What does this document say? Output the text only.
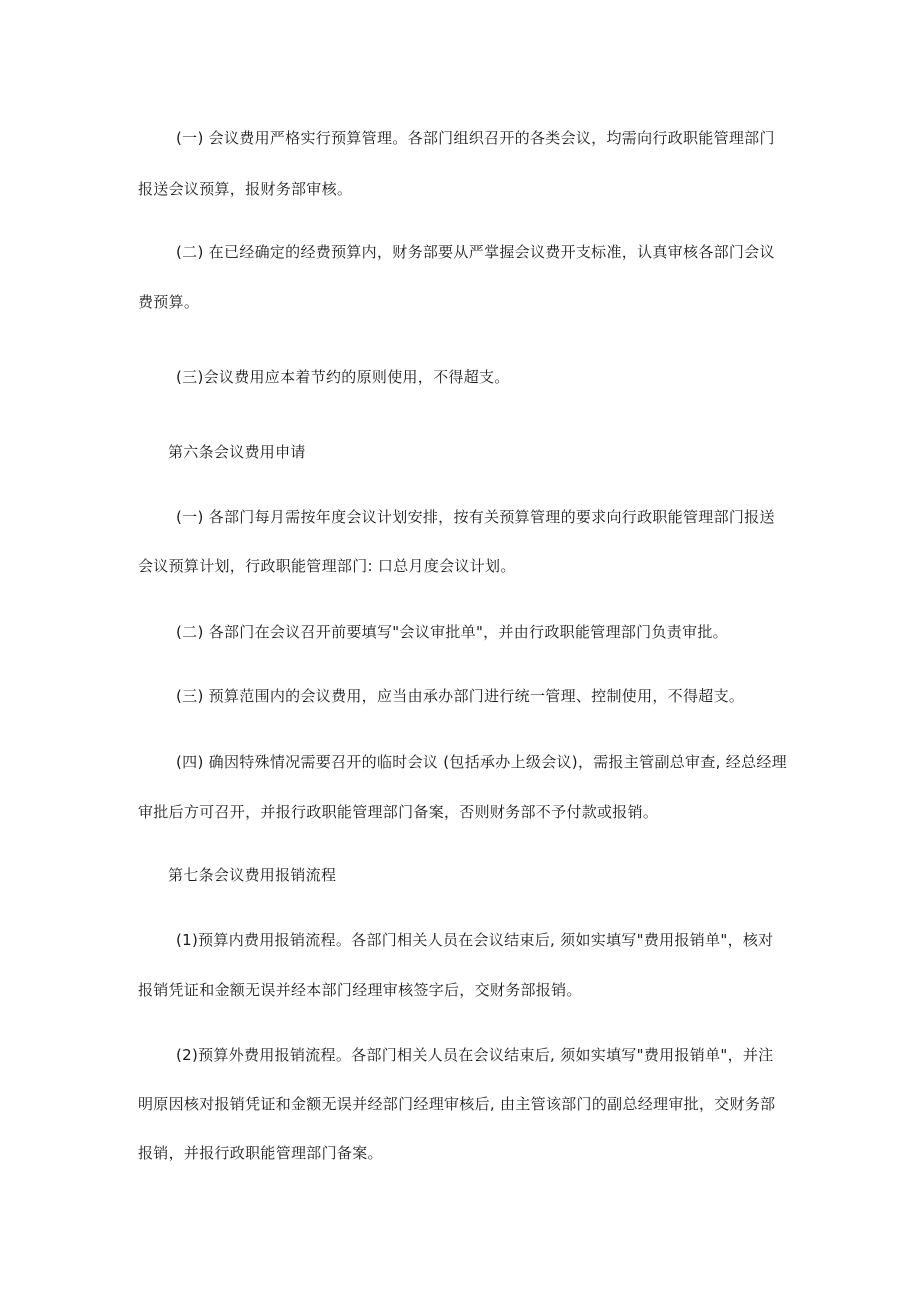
(一) 会议费用严格实行预算管理。各部门组织召开的各类会议，均需向行政职能管理部门
报送会议预算，报财务部审核。
(二) 在已经确定的经费预算内，财务部要从严掌握会议费开支标准，认真审核各部门会议
费预算。
(三)会议费用应本着节约的原则使用，不得超支。
第六条会议费用申请
(一) 各部门每月需按年度会议计划安排，按有关预算管理的要求向行政职能管理部门报送
会议预算计划，行政职能管理部门: 口总月度会议计划。
(二) 各部门在会议召开前要填写"会议审批单"，并由行政职能管理部门负责审批。
(三) 预算范围内的会议费用，应当由承办部门进行统一管理、控制使用，不得超支。
(四) 确因特殊情况需要召开的临时会议 (包括承办上级会议)，需报主管副总审查, 经总经理
审批后方可召开，并报行政职能管理部门备案，否则财务部不予付款或报销。
第七条会议费用报销流程
(1)预算内费用报销流程。各部门相关人员在会议结束后, 须如实填写"费用报销单"，核对
报销凭证和金额无误并经本部门经理审核签字后，交财务部报销。
(2)预算外费用报销流程。各部门相关人员在会议结束后, 须如实填写"费用报销单"，并注
明原因核对报销凭证和金额无误并经部门经理审核后, 由主管该部门的副总经理审批，交财务部
报销，并报行政职能管理部门备案。
